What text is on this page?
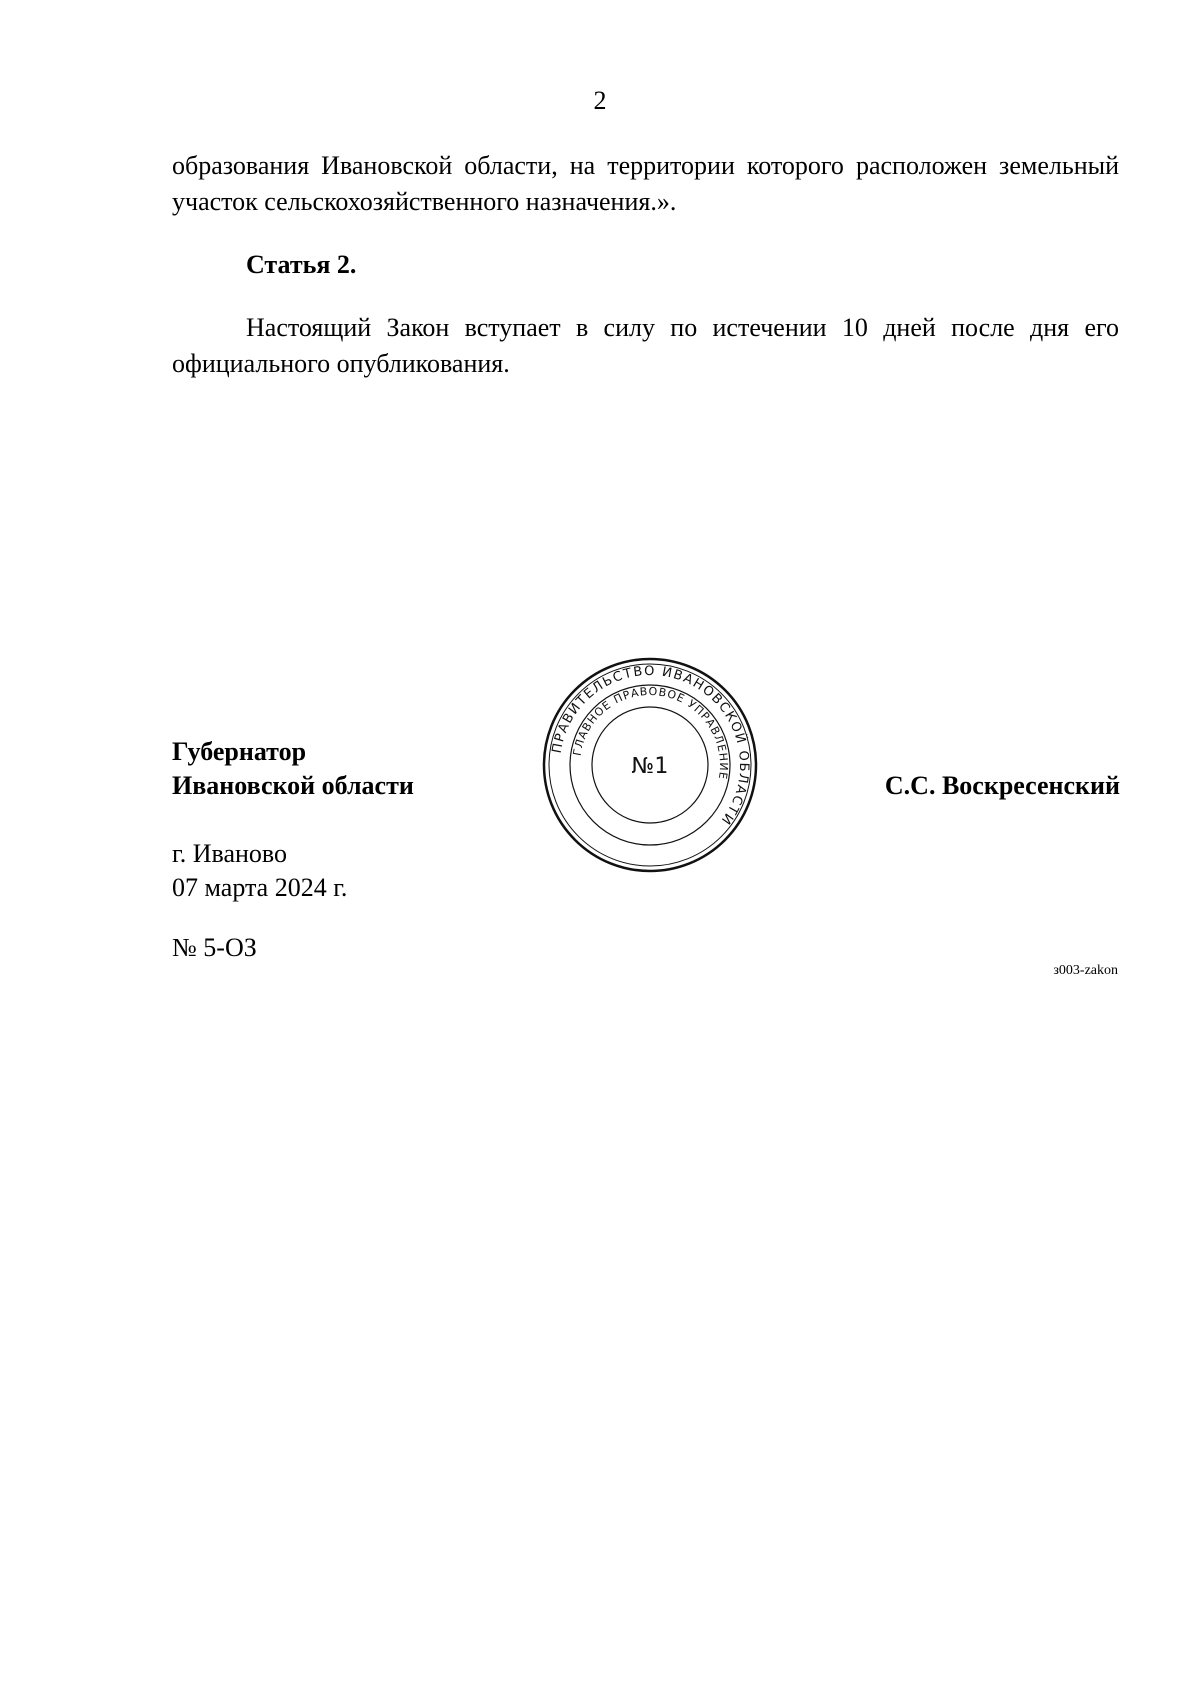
2

образования Ивановской области, на территории которого расположен земельный участок сельскохозяйственного назначения.».

Статья 2.

Настоящий Закон вступает в силу по истечении 10 дней после дня его официального опубликования.

Губернатор
Ивановской области
ПРАВИТЕЛЬСТВО ИВАНОВСКОЙ ОБЛАСТИ
ГЛАВНОЕ ПРАВОВОЕ УПРАВЛЕНИЕ
№1
С.С. Воскресенский
г. Иваново
07 марта 2024 г.
№ 5-ОЗ
з003-zakon
